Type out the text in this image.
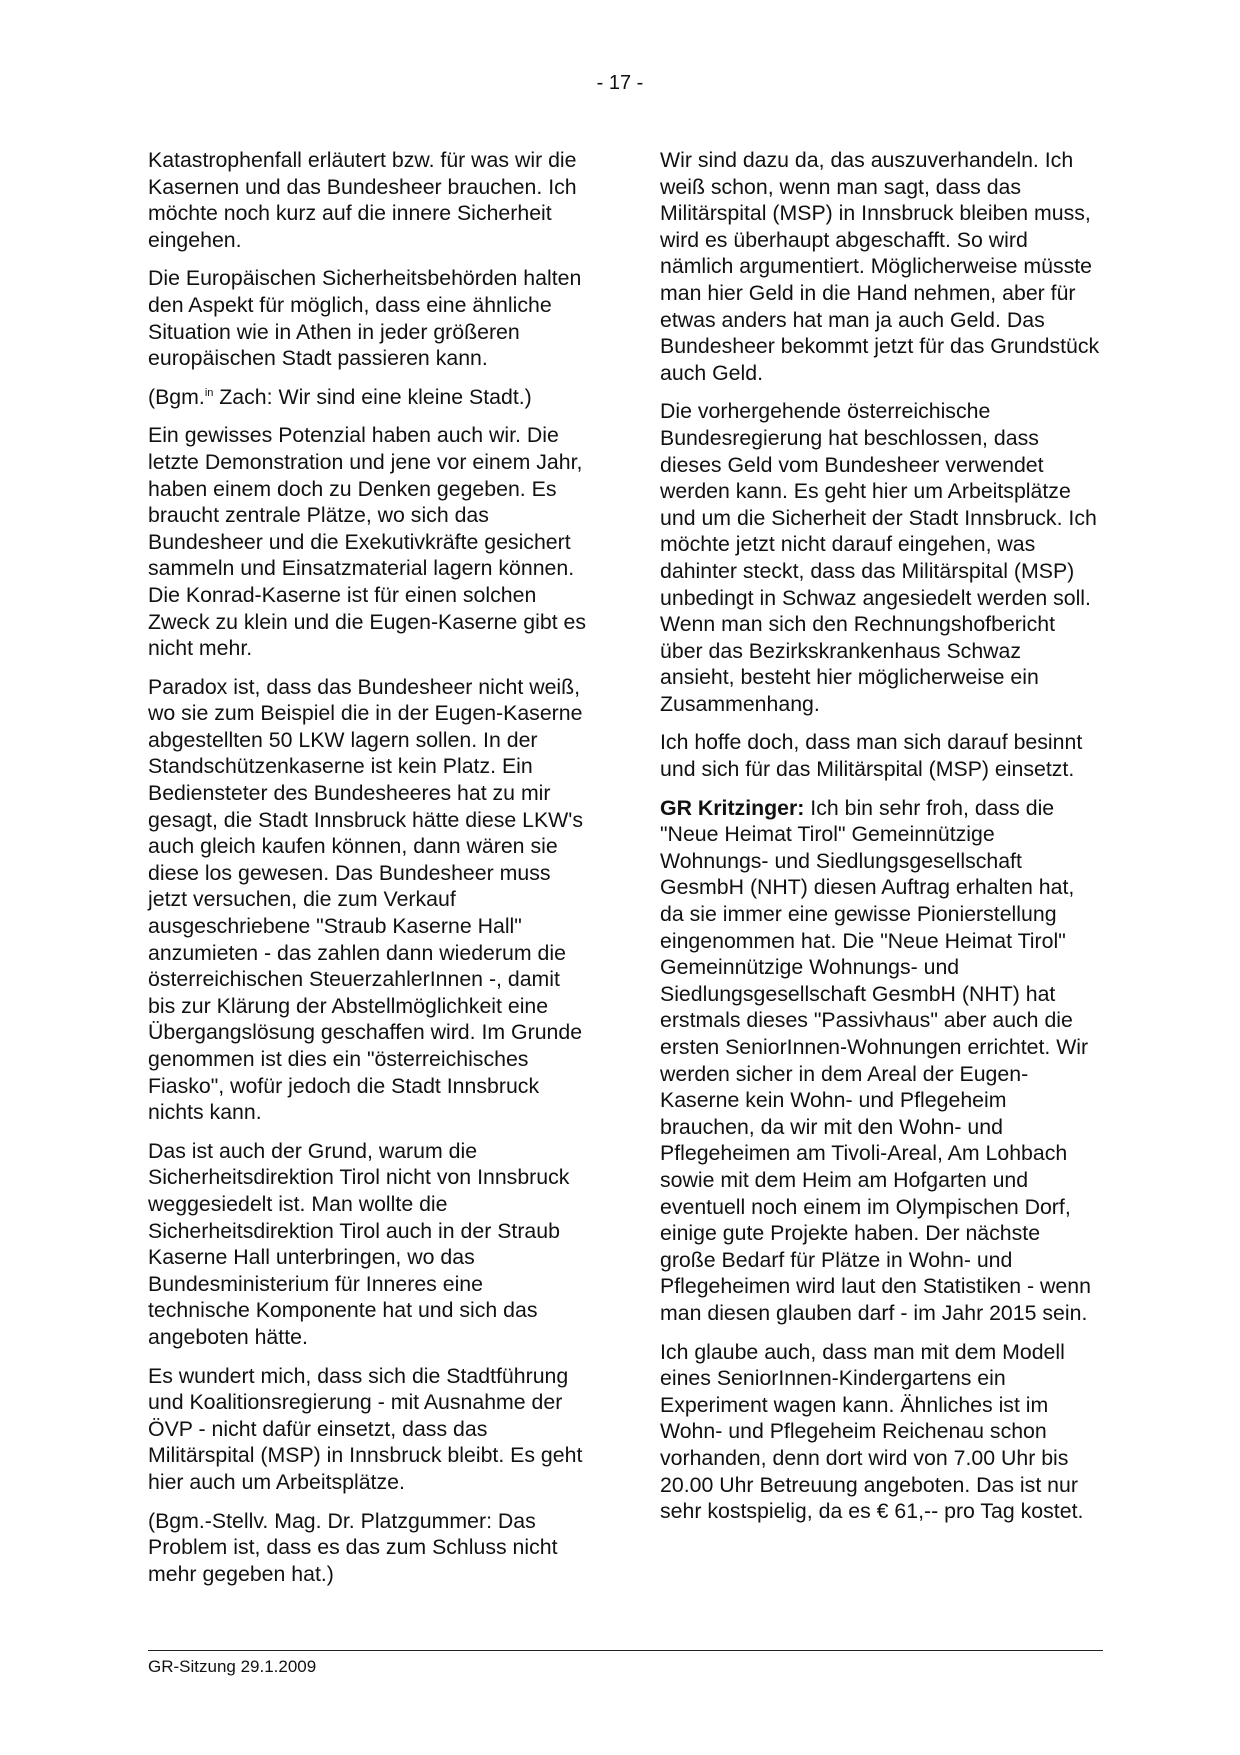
- 17 -

Katastrophenfall erläutert bzw. für was wir die Kasernen und das Bundesheer brauchen. Ich möchte noch kurz auf die innere Sicherheit eingehen.

Die Europäischen Sicherheitsbehörden halten den Aspekt für möglich, dass eine ähnliche Situation wie in Athen in jeder größeren europäischen Stadt passieren kann.

(Bgm.$^{in}$ Zach: Wir sind eine kleine Stadt.)

Ein gewisses Potenzial haben auch wir. Die letzte Demonstration und jene vor einem Jahr, haben einem doch zu Denken gegeben. Es braucht zentrale Plätze, wo sich das Bundesheer und die Exekutivkräfte gesichert sammeln und Einsatzmaterial lagern können. Die Konrad-Kaserne ist für einen solchen Zweck zu klein und die Eugen-Kaserne gibt es nicht mehr.

Paradox ist, dass das Bundesheer nicht weiß, wo sie zum Beispiel die in der Eugen-Kaserne abgestellten 50 LKW lagern sollen. In der Standschützenkaserne ist kein Platz. Ein Bediensteter des Bundesheeres hat zu mir gesagt, die Stadt Innsbruck hätte diese LKW's auch gleich kaufen können, dann wären sie diese los gewesen. Das Bundesheer muss jetzt versuchen, die zum Verkauf ausgeschriebene "Straub Kaserne Hall" anzumieten - das zahlen dann wiederum die österreichischen SteuerzahlerInnen -, damit bis zur Klärung der Abstellmöglichkeit eine Übergangslösung geschaffen wird. Im Grunde genommen ist dies ein "österreichisches Fiasko", wofür jedoch die Stadt Innsbruck nichts kann.

Das ist auch der Grund, warum die Sicherheitsdirektion Tirol nicht von Innsbruck weggesiedelt ist. Man wollte die Sicherheitsdirektion Tirol auch in der Straub Kaserne Hall unterbringen, wo das Bundesministerium für Inneres eine technische Komponente hat und sich das angeboten hätte.

Es wundert mich, dass sich die Stadtführung und Koalitionsregierung - mit Ausnahme der ÖVP - nicht dafür einsetzt, dass das Militärspital (MSP) in Innsbruck bleibt. Es geht hier auch um Arbeitsplätze.

(Bgm.-Stellv. Mag. Dr. Platzgummer: Das Problem ist, dass es das zum Schluss nicht mehr gegeben hat.)

Wir sind dazu da, das auszuverhandeln. Ich weiß schon, wenn man sagt, dass das Militärspital (MSP) in Innsbruck bleiben muss, wird es überhaupt abgeschafft. So wird nämlich argumentiert. Möglicherweise müsste man hier Geld in die Hand nehmen, aber für etwas anders hat man ja auch Geld. Das Bundesheer bekommt jetzt für das Grundstück auch Geld.

Die vorhergehende österreichische Bundesregierung hat beschlossen, dass dieses Geld vom Bundesheer verwendet werden kann. Es geht hier um Arbeitsplätze und um die Sicherheit der Stadt Innsbruck. Ich möchte jetzt nicht darauf eingehen, was dahinter steckt, dass das Militärspital (MSP) unbedingt in Schwaz angesiedelt werden soll. Wenn man sich den Rechnungshofbericht über das Bezirkskrankenhaus Schwaz ansieht, besteht hier möglicherweise ein Zusammenhang.

Ich hoffe doch, dass man sich darauf besinnt und sich für das Militärspital (MSP) einsetzt.

GR Kritzinger: Ich bin sehr froh, dass die "Neue Heimat Tirol" Gemeinnützige Wohnungs- und Siedlungsgesellschaft GesmbH (NHT) diesen Auftrag erhalten hat, da sie immer eine gewisse Pionierstellung eingenommen hat. Die "Neue Heimat Tirol" Gemeinnützige Wohnungs- und Siedlungsgesellschaft GesmbH (NHT) hat erstmals dieses "Passivhaus" aber auch die ersten SeniorInnen-Wohnungen errichtet. Wir werden sicher in dem Areal der Eugen-Kaserne kein Wohn- und Pflegeheim brauchen, da wir mit den Wohn- und Pflegeheimen am Tivoli-Areal, Am Lohbach sowie mit dem Heim am Hofgarten und eventuell noch einem im Olympischen Dorf, einige gute Projekte haben. Der nächste große Bedarf für Plätze in Wohn- und Pflegeheimen wird laut den Statistiken - wenn man diesen glauben darf - im Jahr 2015 sein.

Ich glaube auch, dass man mit dem Modell eines SeniorInnen-Kindergartens ein Experiment wagen kann. Ähnliches ist im Wohn- und Pflegeheim Reichenau schon vorhanden, denn dort wird von 7.00 Uhr bis 20.00 Uhr Betreuung angeboten. Das ist nur sehr kostspielig, da es € 61,-- pro Tag kostet.

GR-Sitzung 29.1.2009
